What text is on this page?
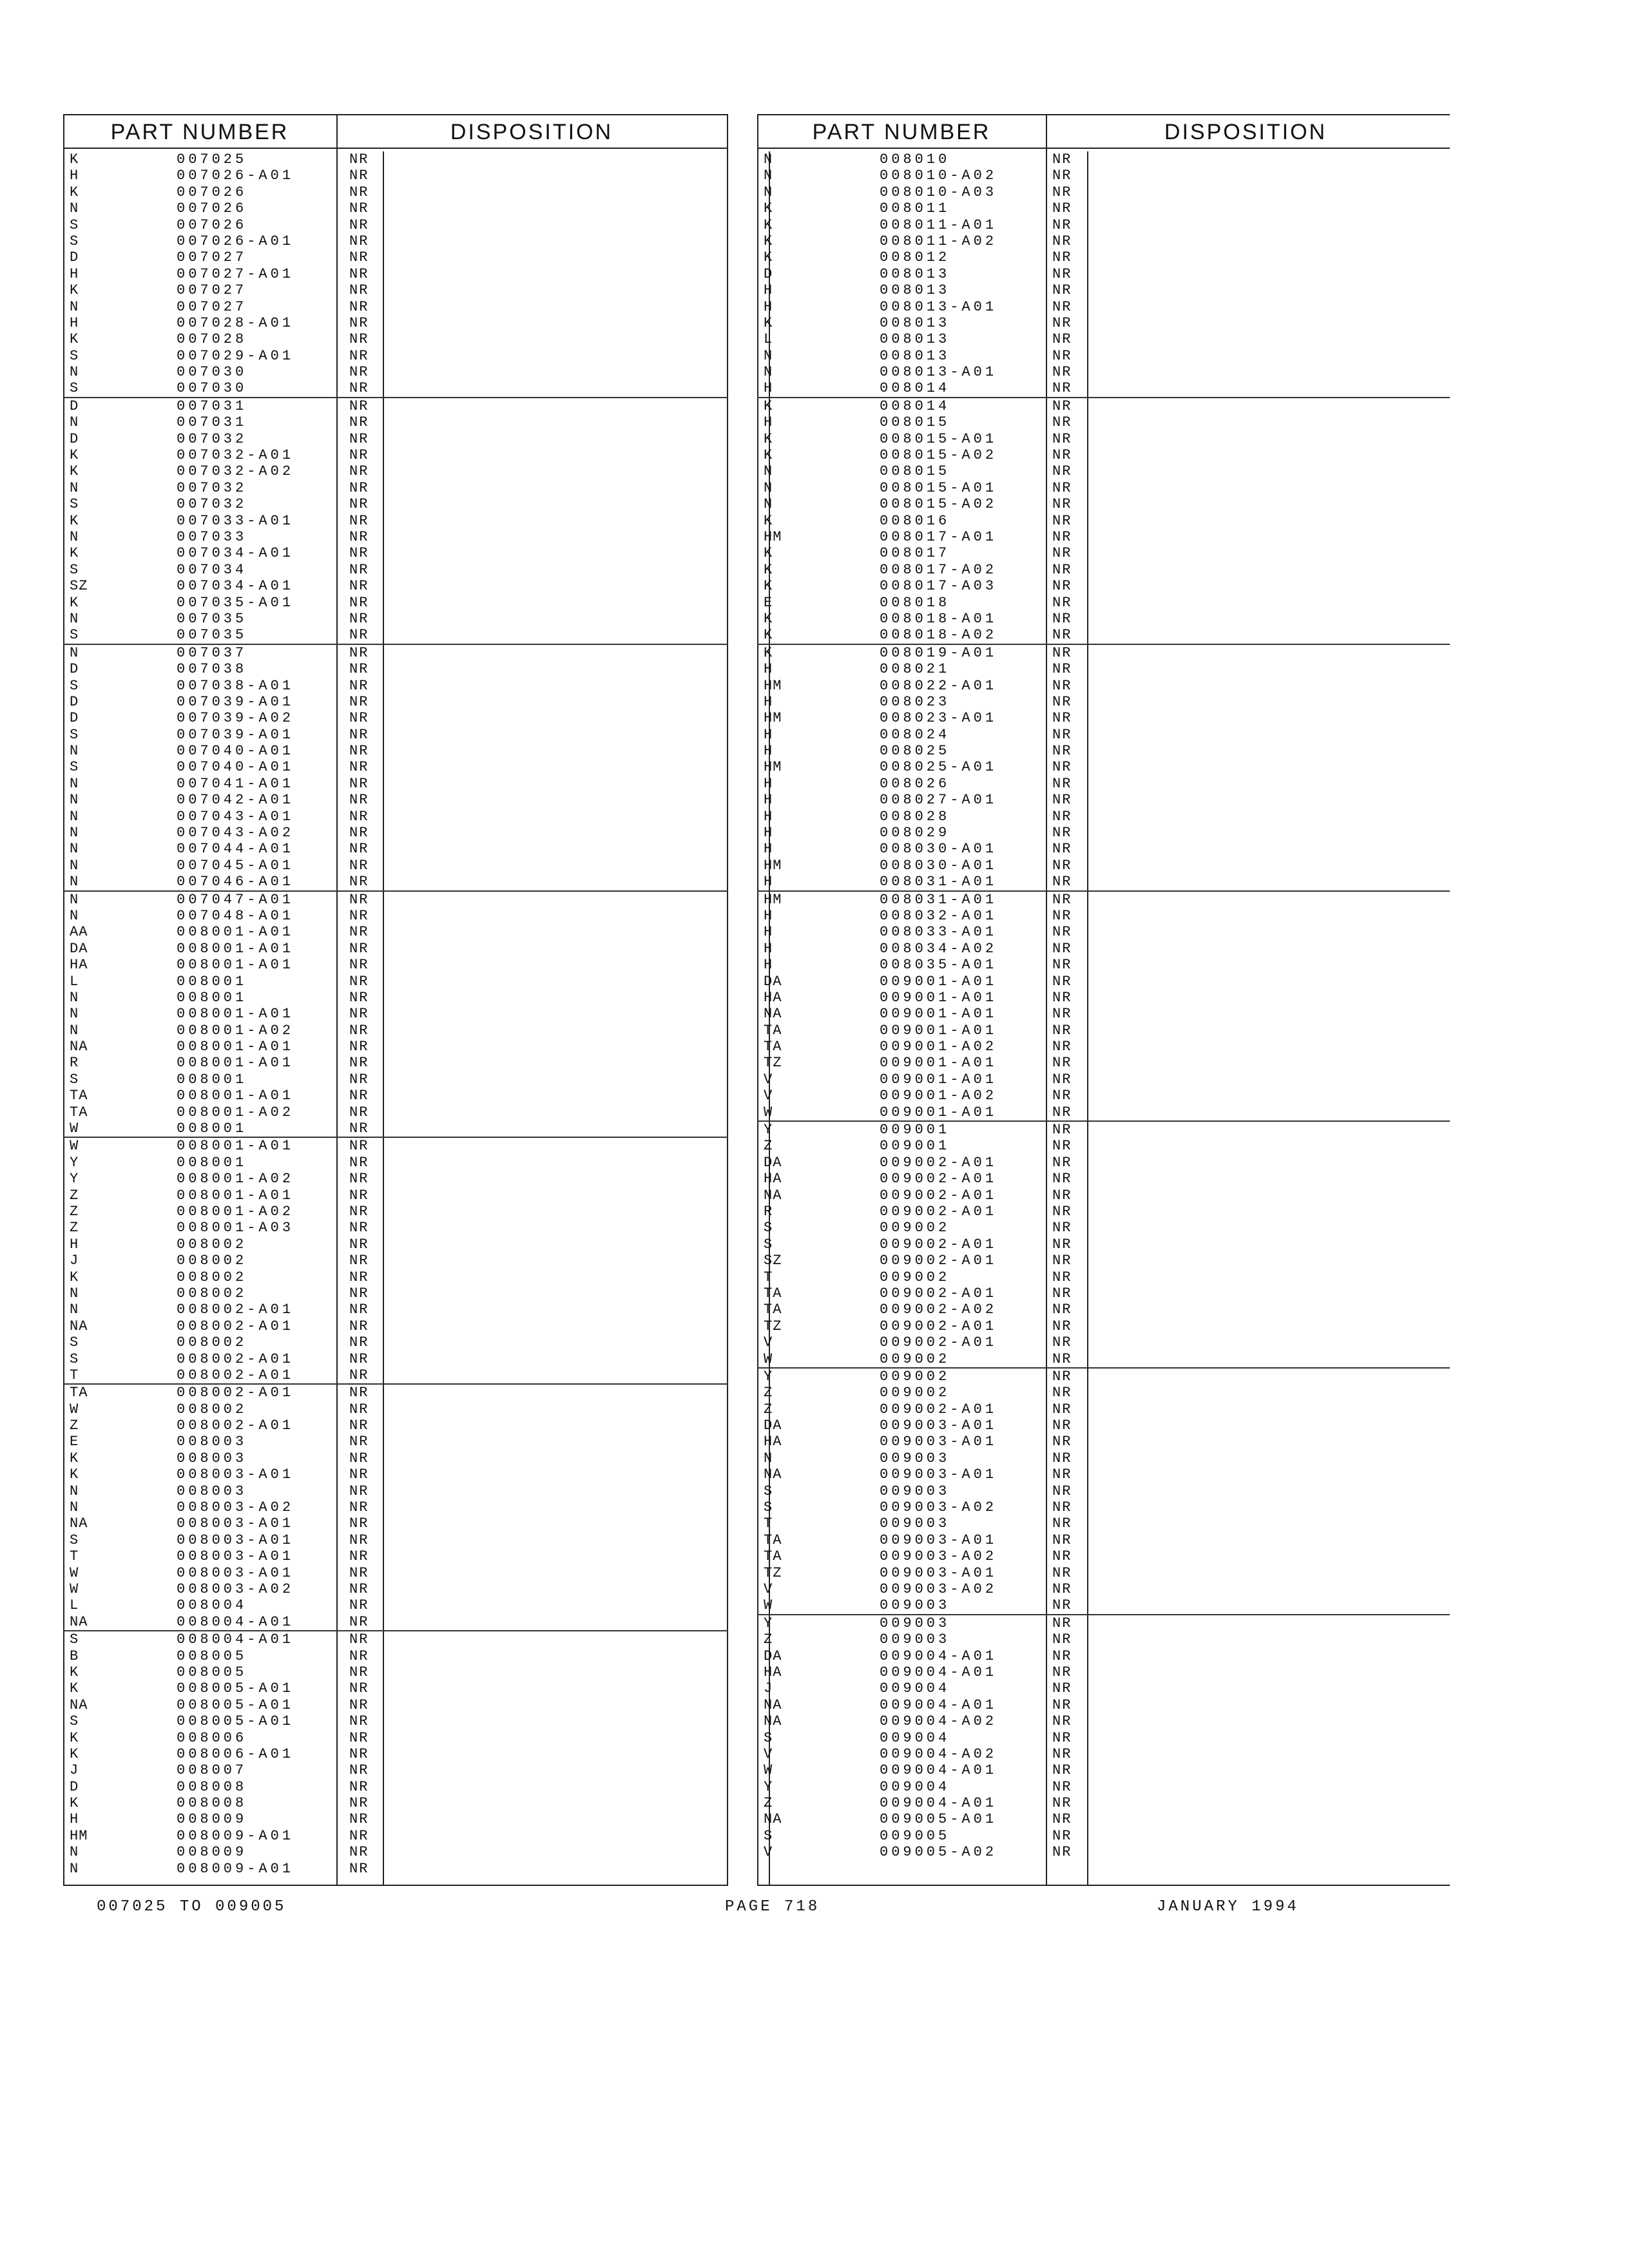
PART NUMBER	DISPOSITION
K	007025	NR
H	007026-A01	NR
K	007026	NR
N	007026	NR
S	007026	NR
S	007026-A01	NR
D	007027	NR
H	007027-A01	NR
K	007027	NR
N	007027	NR
H	007028-A01	NR
K	007028	NR
S	007029-A01	NR
N	007030	NR
S	007030	NR
D	007031	NR
N	007031	NR
D	007032	NR
K	007032-A01	NR
K	007032-A02	NR
N	007032	NR
S	007032	NR
K	007033-A01	NR
N	007033	NR
K	007034-A01	NR
S	007034	NR
SZ	007034-A01	NR
K	007035-A01	NR
N	007035	NR
S	007035	NR
N	007037	NR
D	007038	NR
S	007038-A01	NR
D	007039-A01	NR
D	007039-A02	NR
S	007039-A01	NR
N	007040-A01	NR
S	007040-A01	NR
N	007041-A01	NR
N	007042-A01	NR
N	007043-A01	NR
N	007043-A02	NR
N	007044-A01	NR
N	007045-A01	NR
N	007046-A01	NR
N	007047-A01	NR
N	007048-A01	NR
AA	008001-A01	NR
DA	008001-A01	NR
HA	008001-A01	NR
L	008001	NR
N	008001	NR
N	008001-A01	NR
N	008001-A02	NR
NA	008001-A01	NR
R	008001-A01	NR
S	008001	NR
TA	008001-A01	NR
TA	008001-A02	NR
W	008001	NR
W	008001-A01	NR
Y	008001	NR
Y	008001-A02	NR
Z	008001-A01	NR
Z	008001-A02	NR
Z	008001-A03	NR
H	008002	NR
J	008002	NR
K	008002	NR
N	008002	NR
N	008002-A01	NR
NA	008002-A01	NR
S	008002	NR
S	008002-A01	NR
T	008002-A01	NR
TA	008002-A01	NR
W	008002	NR
Z	008002-A01	NR
E	008003	NR
K	008003	NR
K	008003-A01	NR
N	008003	NR
N	008003-A02	NR
NA	008003-A01	NR
S	008003-A01	NR
T	008003-A01	NR
W	008003-A01	NR
W	008003-A02	NR
L	008004	NR
NA	008004-A01	NR
S	008004-A01	NR
B	008005	NR
K	008005	NR
K	008005-A01	NR
NA	008005-A01	NR
S	008005-A01	NR
K	008006	NR
K	008006-A01	NR
J	008007	NR
D	008008	NR
K	008008	NR
H	008009	NR
HM	008009-A01	NR
N	008009	NR
N	008009-A01	NR
PART NUMBER	DISPOSITION
N	008010	NR
N	008010-A02	NR
N	008010-A03	NR
K	008011	NR
K	008011-A01	NR
K	008011-A02	NR
K	008012	NR
D	008013	NR
H	008013	NR
H	008013-A01	NR
K	008013	NR
L	008013	NR
N	008013	NR
N	008013-A01	NR
H	008014	NR
K	008014	NR
H	008015	NR
K	008015-A01	NR
K	008015-A02	NR
N	008015	NR
N	008015-A01	NR
N	008015-A02	NR
K	008016	NR
HM	008017-A01	NR
K	008017	NR
K	008017-A02	NR
K	008017-A03	NR
E	008018	NR
K	008018-A01	NR
K	008018-A02	NR
K	008019-A01	NR
H	008021	NR
HM	008022-A01	NR
H	008023	NR
HM	008023-A01	NR
H	008024	NR
H	008025	NR
HM	008025-A01	NR
H	008026	NR
H	008027-A01	NR
H	008028	NR
H	008029	NR
H	008030-A01	NR
HM	008030-A01	NR
H	008031-A01	NR
HM	008031-A01	NR
H	008032-A01	NR
H	008033-A01	NR
H	008034-A02	NR
H	008035-A01	NR
DA	009001-A01	NR
HA	009001-A01	NR
NA	009001-A01	NR
TA	009001-A01	NR
TA	009001-A02	NR
TZ	009001-A01	NR
V	009001-A01	NR
V	009001-A02	NR
W	009001-A01	NR
Y	009001	NR
Z	009001	NR
DA	009002-A01	NR
HA	009002-A01	NR
NA	009002-A01	NR
R	009002-A01	NR
S	009002	NR
S	009002-A01	NR
SZ	009002-A01	NR
T	009002	NR
TA	009002-A01	NR
TA	009002-A02	NR
TZ	009002-A01	NR
V	009002-A01	NR
W	009002	NR
Y	009002	NR
Z	009002	NR
Z	009002-A01	NR
DA	009003-A01	NR
HA	009003-A01	NR
N	009003	NR
NA	009003-A01	NR
S	009003	NR
S	009003-A02	NR
T	009003	NR
TA	009003-A01	NR
TA	009003-A02	NR
TZ	009003-A01	NR
V	009003-A02	NR
W	009003	NR
Y	009003	NR
Z	009003	NR
DA	009004-A01	NR
HA	009004-A01	NR
J	009004	NR
NA	009004-A01	NR
NA	009004-A02	NR
S	009004	NR
V	009004-A02	NR
W	009004-A01	NR
Y	009004	NR
Z	009004-A01	NR
NA	009005-A01	NR
S	009005	NR
V	009005-A02	NR
007025 TO 009005	PAGE 718	JANUARY 1994
